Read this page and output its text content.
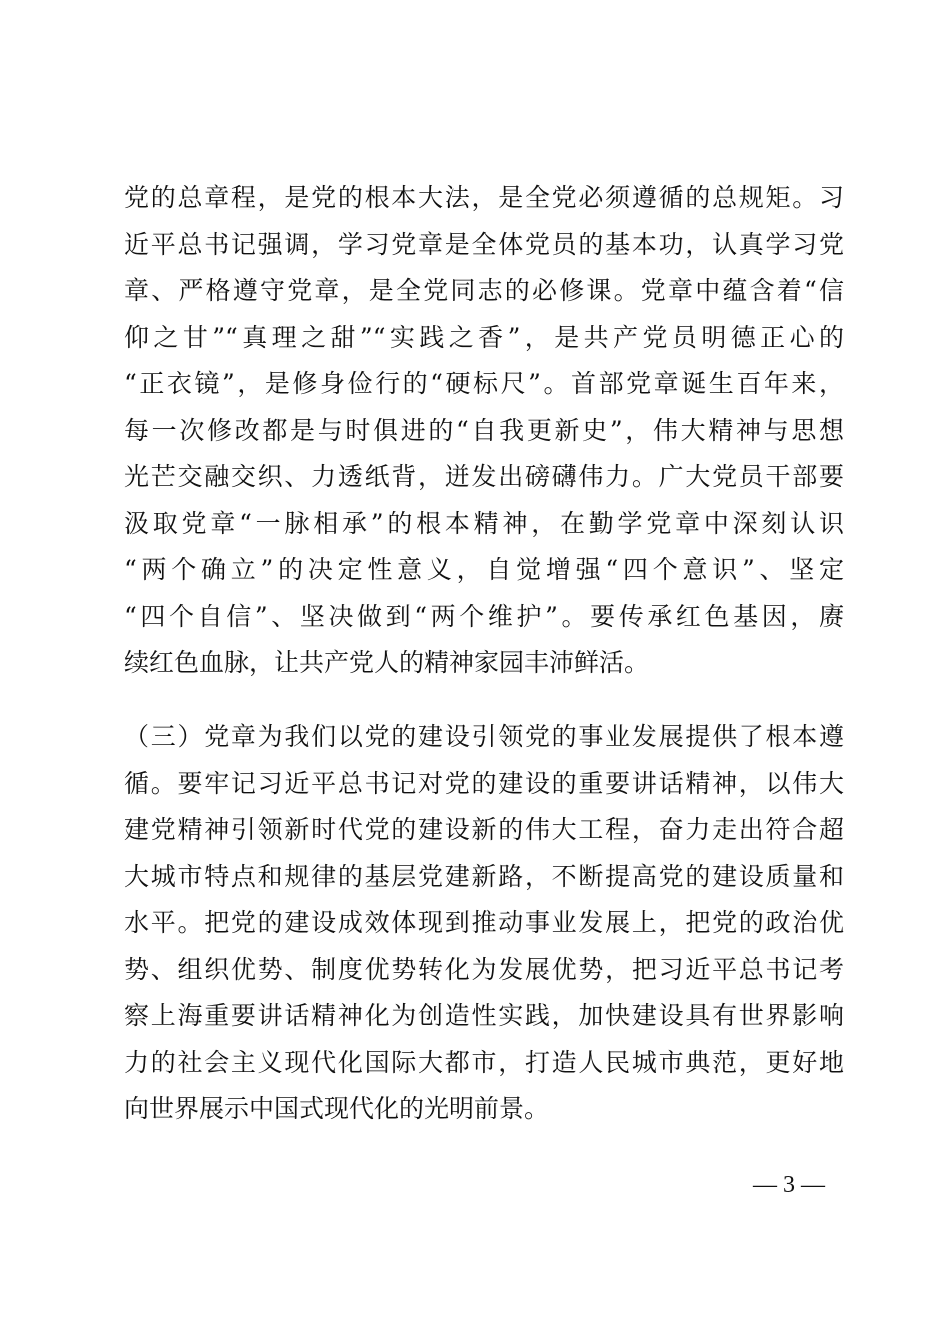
党的总章程，是党的根本大法，是全党必须遵循的总规矩。习
近平总书记强调，学习党章是全体党员的基本功，认真学习党
章、严格遵守党章，是全党同志的必修课。党章中蕴含着“信
仰之甘”“真理之甜”“实践之香”，是共产党员明德正心的
“正衣镜”，是修身俭行的“硬标尺”。首部党章诞生百年来，
每一次修改都是与时俱进的“自我更新史”，伟大精神与思想
光芒交融交织、力透纸背，迸发出磅礴伟力。广大党员干部要
汲取党章“一脉相承”的根本精神，在勤学党章中深刻认识
“两个确立”的决定性意义，自觉增强“四个意识”、坚定
“四个自信”、坚决做到“两个维护”。要传承红色基因，赓
续红色血脉，让共产党人的精神家园丰沛鲜活。
（三）党章为我们以党的建设引领党的事业发展提供了根本遵
循。要牢记习近平总书记对党的建设的重要讲话精神，以伟大
建党精神引领新时代党的建设新的伟大工程，奋力走出符合超
大城市特点和规律的基层党建新路，不断提高党的建设质量和
水平。把党的建设成效体现到推动事业发展上，把党的政治优
势、组织优势、制度优势转化为发展优势，把习近平总书记考
察上海重要讲话精神化为创造性实践，加快建设具有世界影响
力的社会主义现代化国际大都市，打造人民城市典范，更好地
向世界展示中国式现代化的光明前景。
— 3 —
